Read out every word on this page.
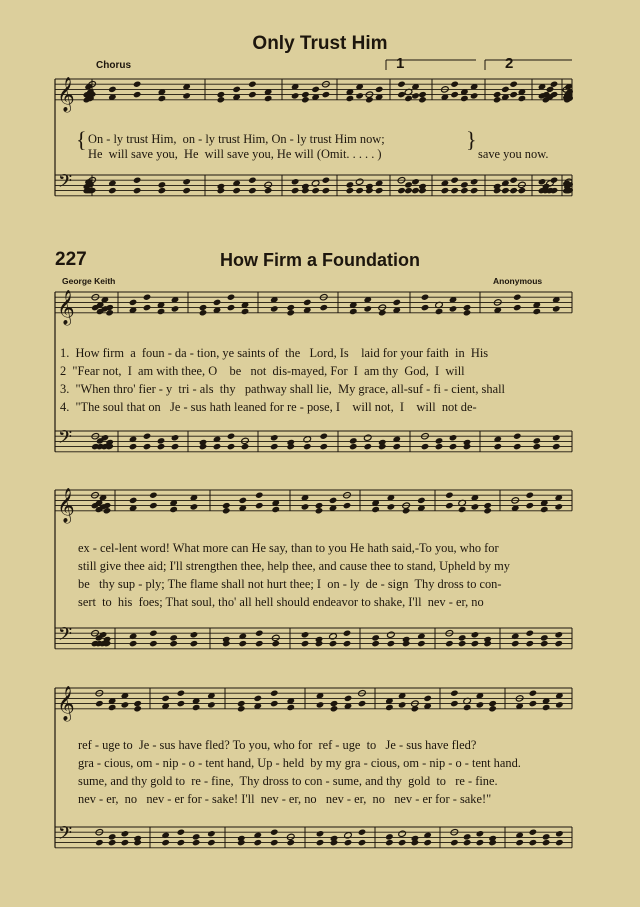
𝄞
𝄢
𝄞
𝄢
𝄞
𝄢
𝄞
𝄢
Only Trust Him
Chorus	1	2
{ On - ly trust Him,  on - ly trust Him, On - ly trust Him now;
He  will save you,  He  will save you, He will (Omit. . . . . )
}
save you now.
227	How Firm a Foundation
George Keith	Anonymous
1.  How firm  a  foun - da - tion, ye saints of  the   Lord, Is    laid for your faith  in  His
2  "Fear not,  I  am with thee, O    be   not  dis-mayed, For  I  am thy  God,  I  will
3.  "When thro' fier - y  tri - als  thy   pathway shall lie,  My grace, all-suf - fi - cient, shall
4.  "The soul that on   Je - sus hath leaned for re - pose, I    will not,  I    will  not de-
ex - cel-lent word! What more can He say, than to you He hath said,-To you, who for
still give thee aid; I'll strengthen thee, help thee, and cause thee to stand, Upheld by my
be   thy sup - ply; The flame shall not hurt thee; I  on - ly  de - sign  Thy dross to con-
sert  to  his  foes; That soul, tho' all hell should endeavor to shake, I'll  nev - er, no
ref - uge to  Je - sus have fled? To you, who for  ref - uge  to   Je - sus have fled?
gra - cious, om - nip - o - tent hand, Up - held  by my gra - cious, om - nip - o - tent hand.
sume, and thy gold to  re - fine,  Thy dross to con - sume, and thy  gold  to   re - fine.
nev - er,  no   nev - er for - sake! I'll  nev - er, no   nev - er,  no   nev - er for - sake!"
